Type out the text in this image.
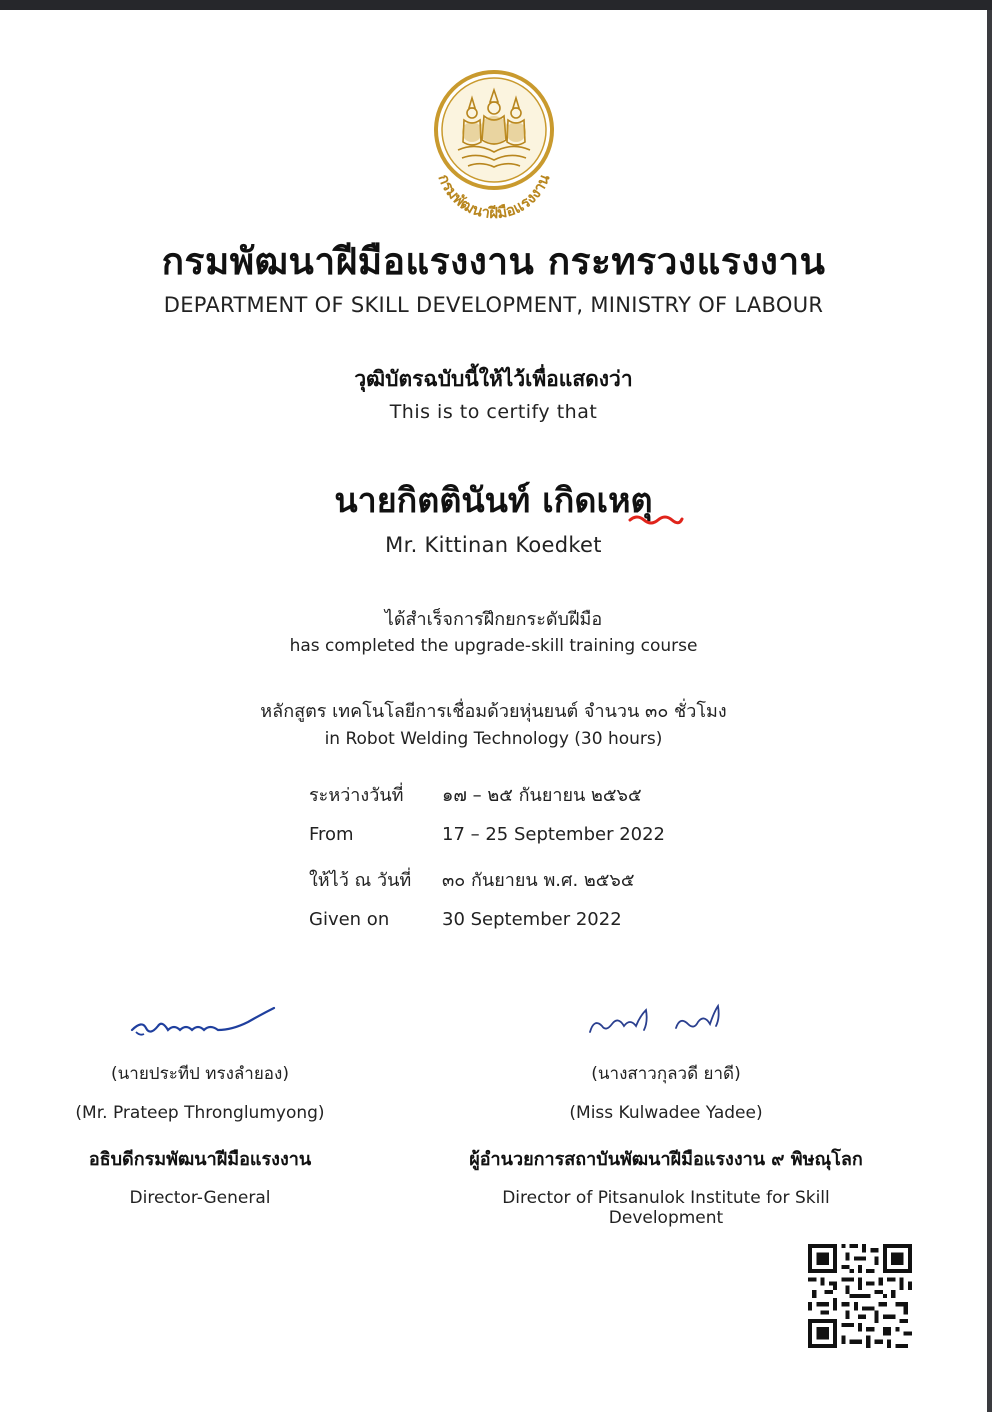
กรมพัฒนาฝีมือแรงงาน
กรมพัฒนาฝีมือแรงงาน กระทรวงแรงงาน
DEPARTMENT OF SKILL DEVELOPMENT, MINISTRY OF LABOUR
วุฒิบัตรฉบับนี้ให้ไว้เพื่อแสดงว่า
This is to certify that
นายกิตตินันท์ เกิดเหตุ
Mr. Kittinan Koedket
ได้สำเร็จการฝึกยกระดับฝีมือ
has completed the upgrade-skill training course
หลักสูตร เทคโนโลยีการเชื่อมด้วยหุ่นยนต์ จำนวน ๓๐ ชั่วโมง
in Robot Welding Technology (30 hours)
ระหว่างวันที่ ๑๗ – ๒๕ กันยายน ๒๕๖๕
From	17 – 25 September 2022
ให้ไว้ ณ วันที่ ๓๐ กันยายน พ.ศ. ๒๕๖๕
Given on	30 September 2022
(นายประทีป ทรงลำยอง)
(Mr. Prateep Thronglumyong)
อธิบดีกรมพัฒนาฝีมือแรงงาน
Director-General
(นางสาวกุลวดี ยาดี)
(Miss Kulwadee Yadee)
ผู้อำนวยการสถาบันพัฒนาฝีมือแรงงาน ๙ พิษณุโลก
Director of Pitsanulok Institute for Skill Development
